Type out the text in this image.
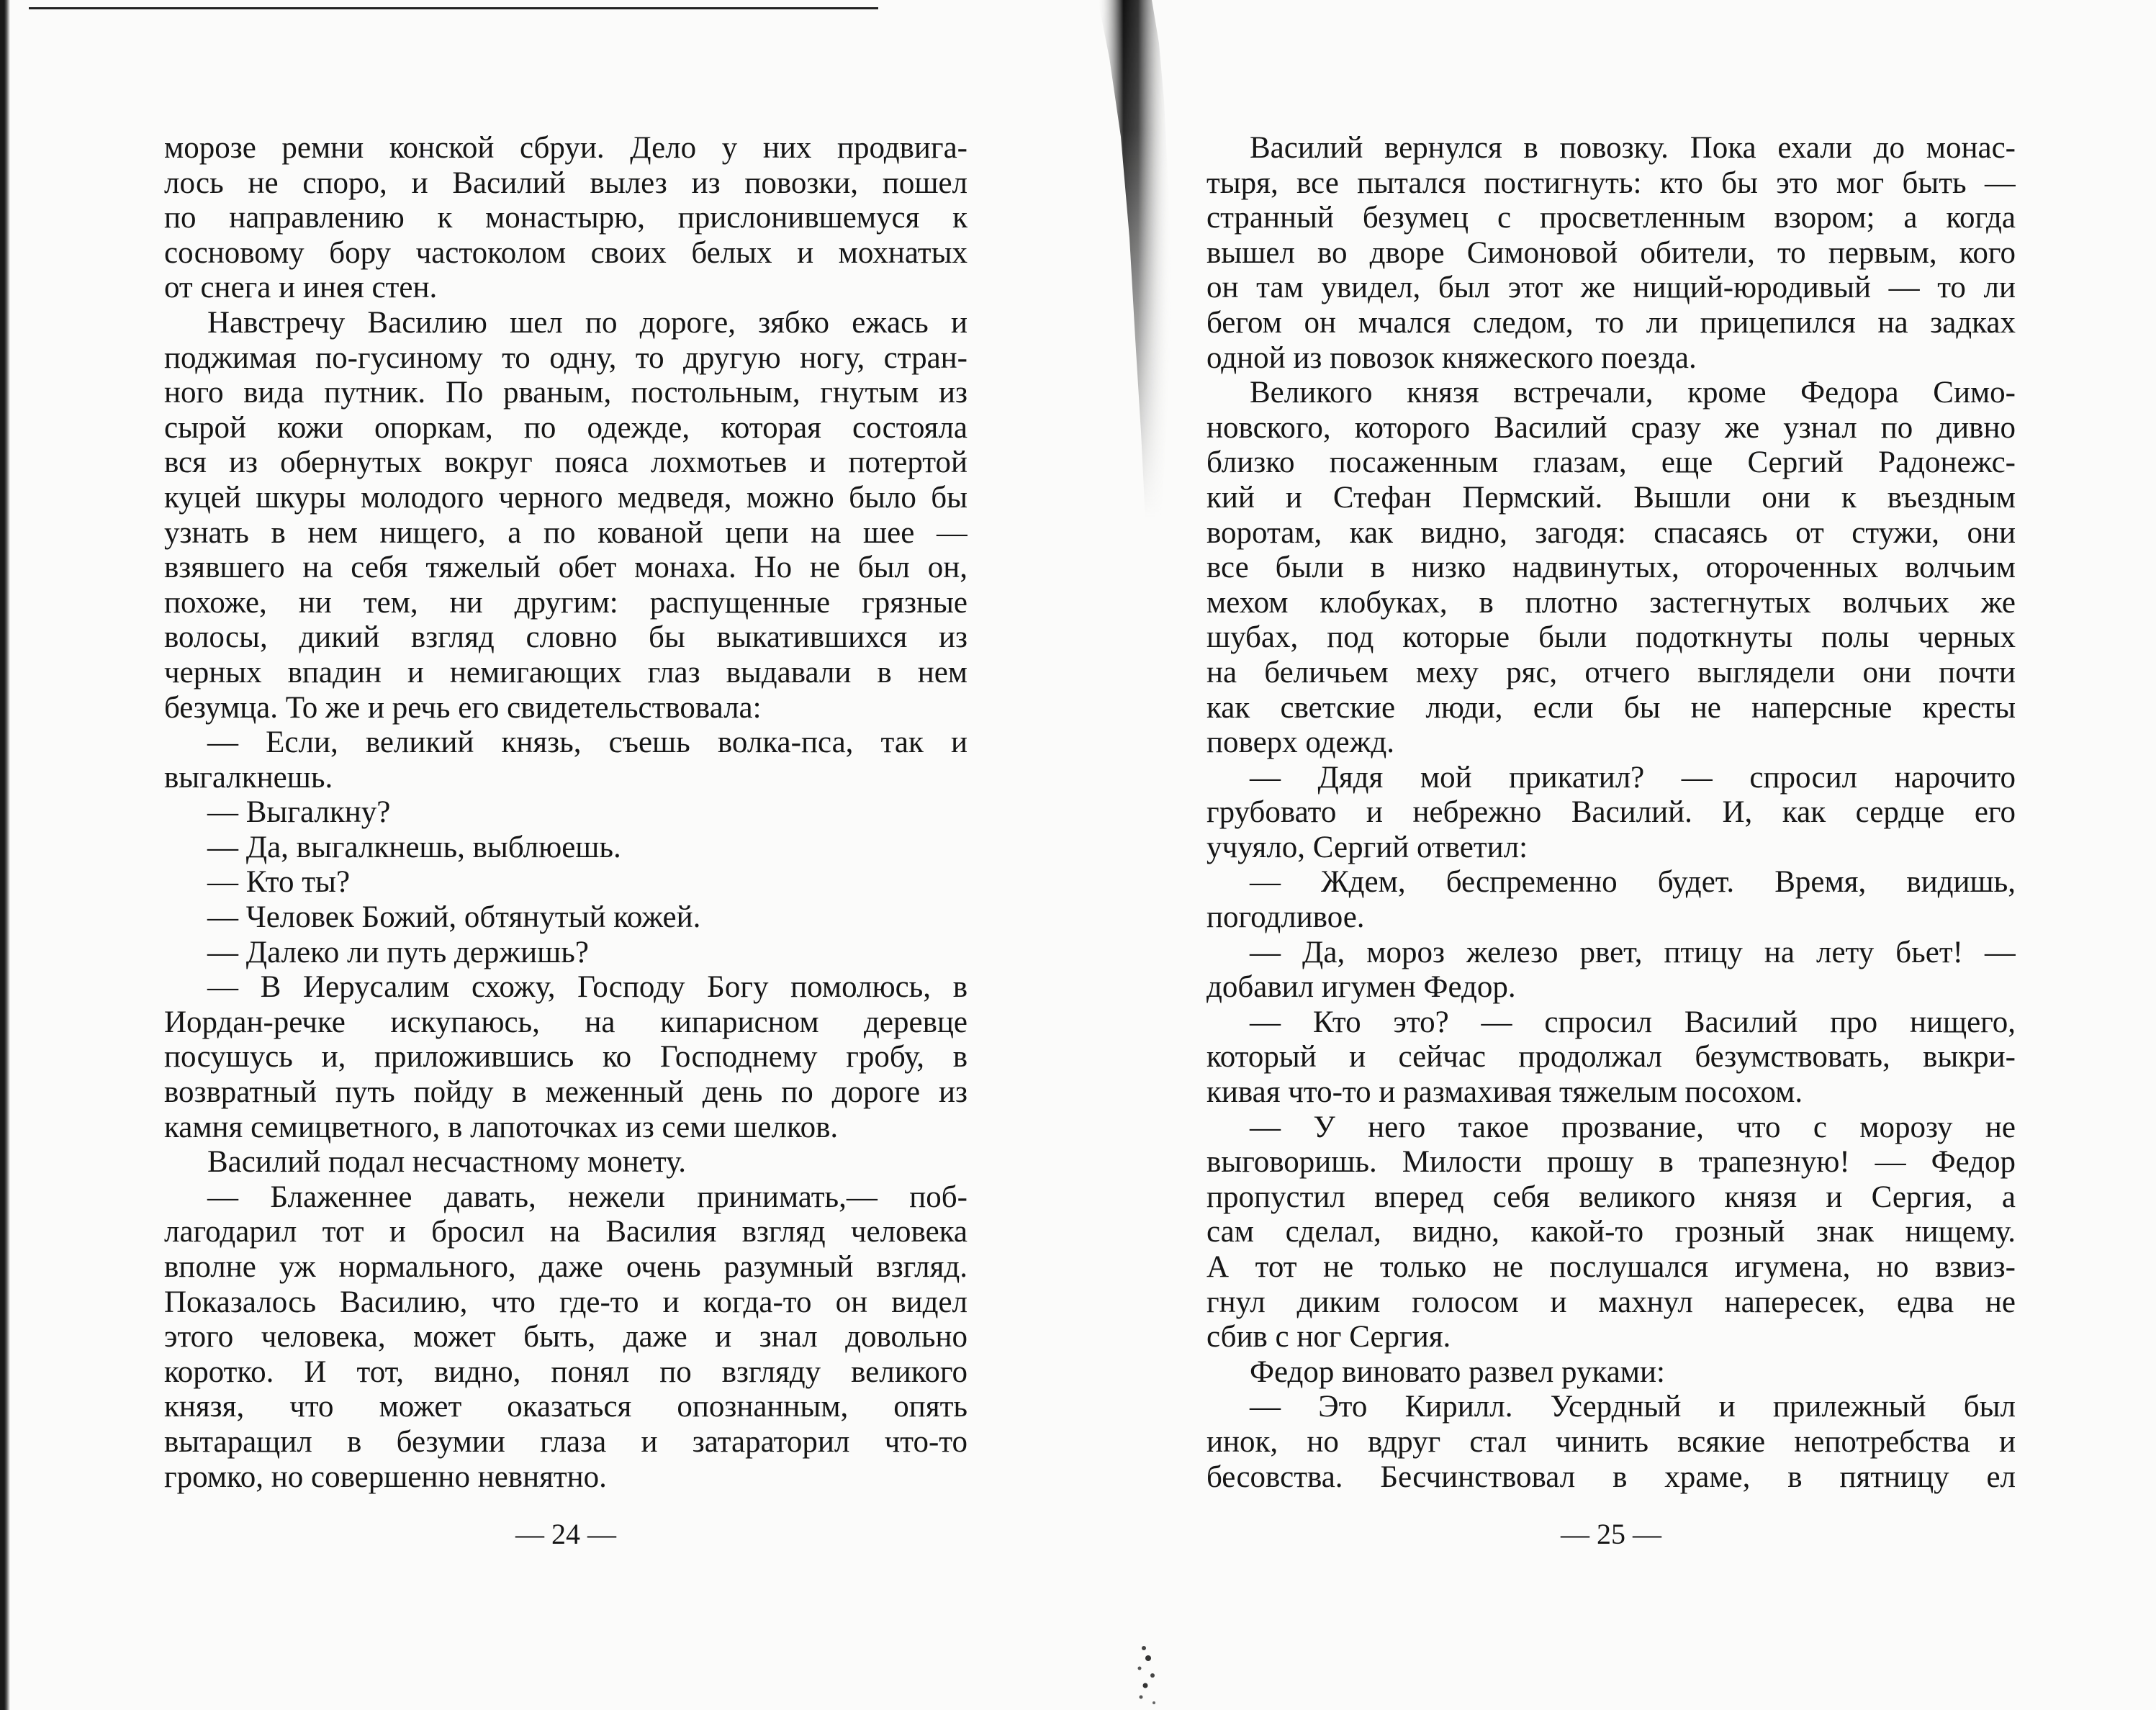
морозе ремни конской сбруи. Дело у них продвига-
лось не споро, и Василий вылез из повозки, пошел
по направлению к монастырю, прислонившемуся к
сосновому бору частоколом своих белых и мохнатых
от снега и инея стен.
Навстречу Василию шел по дороге, зябко ежась и
поджимая по-гусиному то одну, то другую ногу, стран-
ного вида путник. По рваным, постольным, гнутым из
сырой кожи опоркам, по одежде, которая состояла
вся из обернутых вокруг пояса лохмотьев и потертой
куцей шкуры молодого черного медведя, можно было бы
узнать в нем нищего, а по кованой цепи на шее —
взявшего на себя тяжелый обет монаха. Но не был он,
похоже, ни тем, ни другим: распущенные грязные
волосы, дикий взгляд словно бы выкатившихся из
черных впадин и немигающих глаз выдавали в нем
безумца. То же и речь его свидетельствовала:
— Если, великий князь, съешь волка-пса, так и
выгалкнешь.
— Выгалкну?
— Да, выгалкнешь, выблюешь.
— Кто ты?
— Человек Божий, обтянутый кожей.
— Далеко ли путь держишь?
— В Иерусалим схожу, Господу Богу помолюсь, в
Иордан-речке искупаюсь, на кипарисном деревце
посушусь и, приложившись ко Господнему гробу, в
возвратный путь пойду в меженный день по дороге из
камня семицветного, в лапоточках из семи шелков.
Василий подал несчастному монету.
— Блаженнее давать, нежели принимать,— поб-
лагодарил тот и бросил на Василия взгляд человека
вполне уж нормального, даже очень разумный взгляд.
Показалось Василию, что где-то и когда-то он видел
этого человека, может быть, даже и знал довольно
коротко. И тот, видно, понял по взгляду великого
князя, что может оказаться опознанным, опять
вытаращил в безумии глаза и затараторил что-то
громко, но совершенно невнятно.
— 24 —
Василий вернулся в повозку. Пока ехали до монас-
тыря, все пытался постигнуть: кто бы это мог быть —
странный безумец с просветленным взором; а когда
вышел во дворе Симоновой обители, то первым, кого
он там увидел, был этот же нищий-юродивый — то ли
бегом он мчался следом, то ли прицепился на задках
одной из повозок княжеского поезда.
Великого князя встречали, кроме Федора Симо-
новского, которого Василий сразу же узнал по дивно
близко посаженным глазам, еще Сергий Радонежс-
кий и Стефан Пермский. Вышли они к въездным
воротам, как видно, загодя: спасаясь от стужи, они
все были в низко надвинутых, отороченных волчьим
мехом клобуках, в плотно застегнутых волчьих же
шубах, под которые были подоткнуты полы черных
на беличьем меху ряс, отчего выглядели они почти
как светские люди, если бы не наперсные кресты
поверх одежд.
— Дядя мой прикатил? — спросил нарочито
грубовато и небрежно Василий. И, как сердце его
учуяло, Сергий ответил:
— Ждем, беспременно будет. Время, видишь,
погодливое.
— Да, мороз железо рвет, птицу на лету бьет! —
добавил игумен Федор.
— Кто это? — спросил Василий про нищего,
который и сейчас продолжал безумствовать, выкри-
кивая что-то и размахивая тяжелым посохом.
— У него такое прозвание, что с морозу не
выговоришь. Милости прошу в трапезную! — Федор
пропустил вперед себя великого князя и Сергия, а
сам сделал, видно, какой-то грозный знак нищему.
А тот не только не послушался игумена, но взвиз-
гнул диким голосом и махнул напересек, едва не
сбив с ног Сергия.
Федор виновато развел руками:
— Это Кирилл. Усердный и прилежный был
инок, но вдруг стал чинить всякие непотребства и
бесовства. Бесчинствовал в храме, в пятницу ел
— 25 —
